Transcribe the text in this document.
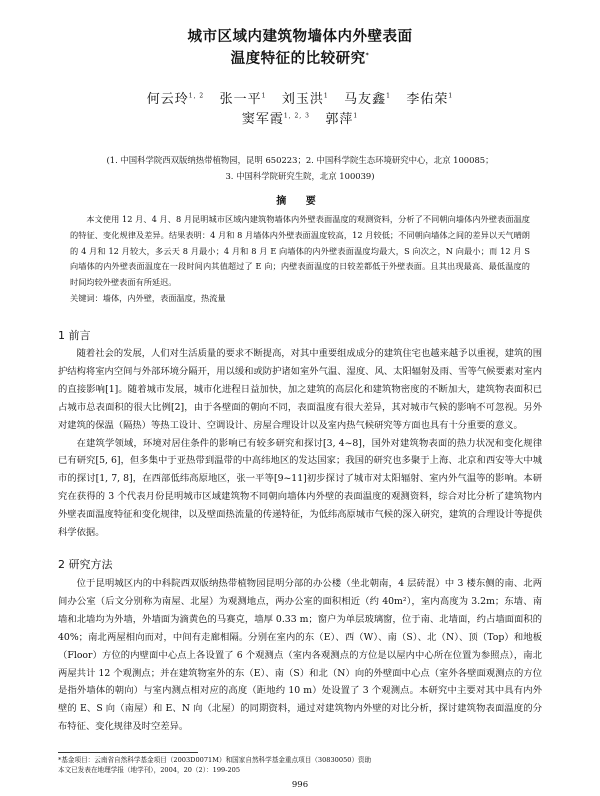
城市区域内建筑物墙体内外壁表面
温度特征的比较研究*
何云玲$^{1, 2}$ 张一平$^1$ 刘玉洪$^1$ 马友鑫$^1$ 李佑荣$^1$
窦军霞$^{1, 2, 3}$ 郭萍$^1$
(1. 中国科学院西双版纳热带植物园，昆明 650223；2. 中国科学院生态环境研究中心，北京 100085；
3. 中国科学院研究生院，北京 100039)
摘 要
本文使用 12 月、4 月、8 月昆明城市区域内建筑物墙体内外壁表面温度的观测资料，分析了不同朝向墙体内外壁表面温度的特征、变化规律及差异。结果表明：4 月和 8 月墙体内外壁表面温度较高，12 月较低；不同朝向墙体之间的差异以天气晴朗的 4 月和 12 月较大，多云天 8 月最小；4 月和 8 月 E 向墙体的内外壁表面温度均最大，S 向次之，N 向最小；而 12 月 S 向墙体的内外壁表面温度在一段时间内其值超过了 E 向；内壁表面温度的日较差都低于外壁表面。且其出现最高、最低温度的时间均较外壁表面有所延迟。
关键词：墙体，内外壁，表面温度，热流量
1 前言

随着社会的发展，人们对生活质量的要求不断提高，对其中重要组成成分的建筑住宅也越来越予以重视，建筑的围护结构将室内空间与外部环境分隔开，用以缓和或防护诸如室外气温、湿度、风、太阳辐射及雨、雪等气候要素对室内的直接影响[1]。随着城市发展，城市化进程日益加快，加之建筑的高层化和建筑物密度的不断加大，建筑物表面积已占城市总表面积的很大比例[2]，由于各壁面的朝向不同，表面温度有很大差异，其对城市气候的影响不可忽视。另外对建筑的保温（隔热）等热工设计、空调设计、房屋合理设计以及室内热气候研究等方面也具有十分重要的意义。

在建筑学领域，环境对居住条件的影响已有较多研究和探讨[3, 4~8]，国外对建筑物表面的热力状况和变化规律已有研究[5, 6]，但多集中于亚热带到温带的中高纬地区的发达国家；我国的研究也多聚于上海、北京和西安等大中城市的探讨[1, 7, 8]，在西部低纬高原地区，张一平等[9~11]初步探讨了城市对太阳辐射、室内外气温等的影响。本研究在获得的 3 个代表月份昆明城市区域建筑物不同朝向墙体内外壁的表面温度的观测资料，综合对比分析了建筑物内外壁表面温度特征和变化规律，以及壁面热流量的传递特征，为低纬高原城市气候的深入研究，建筑的合理设计等提供科学依据。

2 研究方法

位于昆明城区内的中科院西双版纳热带植物园昆明分部的办公楼（坐北朝南，4 层砖混）中 3 楼东侧的南、北两间办公室（后文分别称为南屋、北屋）为观测地点，两办公室的面积相近（约 40m²），室内高度为 3.2m；东墙、南墙和北墙均为外墙，外墙面为滴黄色的马赛克，墙厚 0.33 m；窗户为单层玻璃窗，位于南、北墙面，约占墙面面积的 40%；南北两屋相向而对，中间有走廊相隔。分别在室内的东（E）、西（W）、南（S）、北（N）、顶（Top）和地板（Floor）方位的内壁面中心点上各设置了 6 个观测点（室内各观测点的方位是以屋内中心所在位置为参照点），南北两屋共计 12 个观测点；并在建筑物室外的东（E）、南（S）和北（N）向的外壁面中心点（室外各壁面观测点的方位是指外墙体的朝向）与室内测点相对应的高度（距地约 10 m）处设置了 3 个观测点。本研究中主要对其中具有内外壁的 E、S 向（南屋）和 E、N 向（北屋）的同期资料，通过对建筑物内外壁的对比分析，探讨建筑物表面温度的分布特征、变化规律及时空差异。

*基金项目：云南省自然科学基金项目（2003D0071M）和国家自然科学基金重点项目（30830050）资助
本文已发表在地理学报（地学刊），2004，20（2）：199-205
996
